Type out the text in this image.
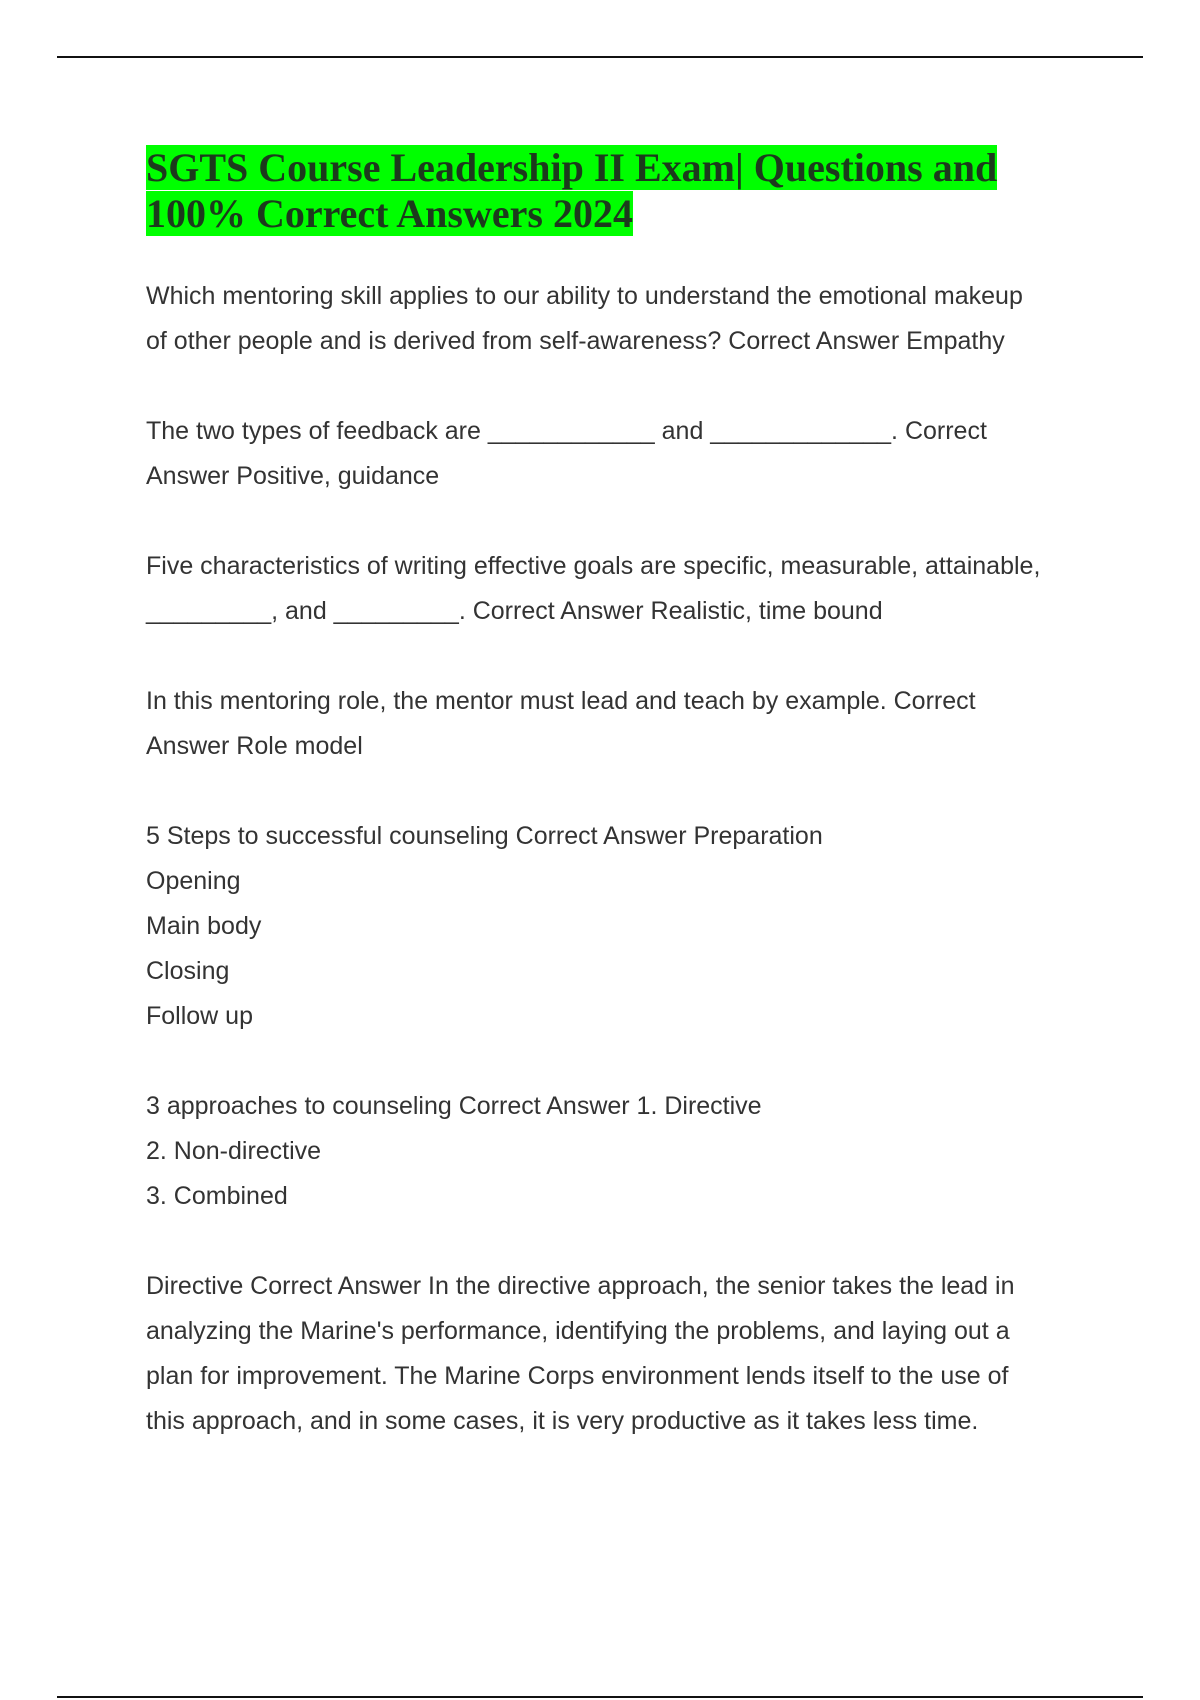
SGTS Course Leadership II Exam| Questions and
100% Correct Answers 2024
Which mentoring skill applies to our ability to understand the emotional makeup
of other people and is derived from self-awareness? Correct Answer Empathy
The two types of feedback are ____________ and _____________. Correct
Answer Positive, guidance
Five characteristics of writing effective goals are specific, measurable, attainable,
_________, and _________. Correct Answer Realistic, time bound
In this mentoring role, the mentor must lead and teach by example. Correct
Answer Role model
5 Steps to successful counseling Correct Answer Preparation
Opening
Main body
Closing
Follow up
3 approaches to counseling Correct Answer 1. Directive
2. Non-directive
3. Combined
Directive Correct Answer In the directive approach, the senior takes the lead in
analyzing the Marine's performance, identifying the problems, and laying out a
plan for improvement. The Marine Corps environment lends itself to the use of
this approach, and in some cases, it is very productive as it takes less time.
